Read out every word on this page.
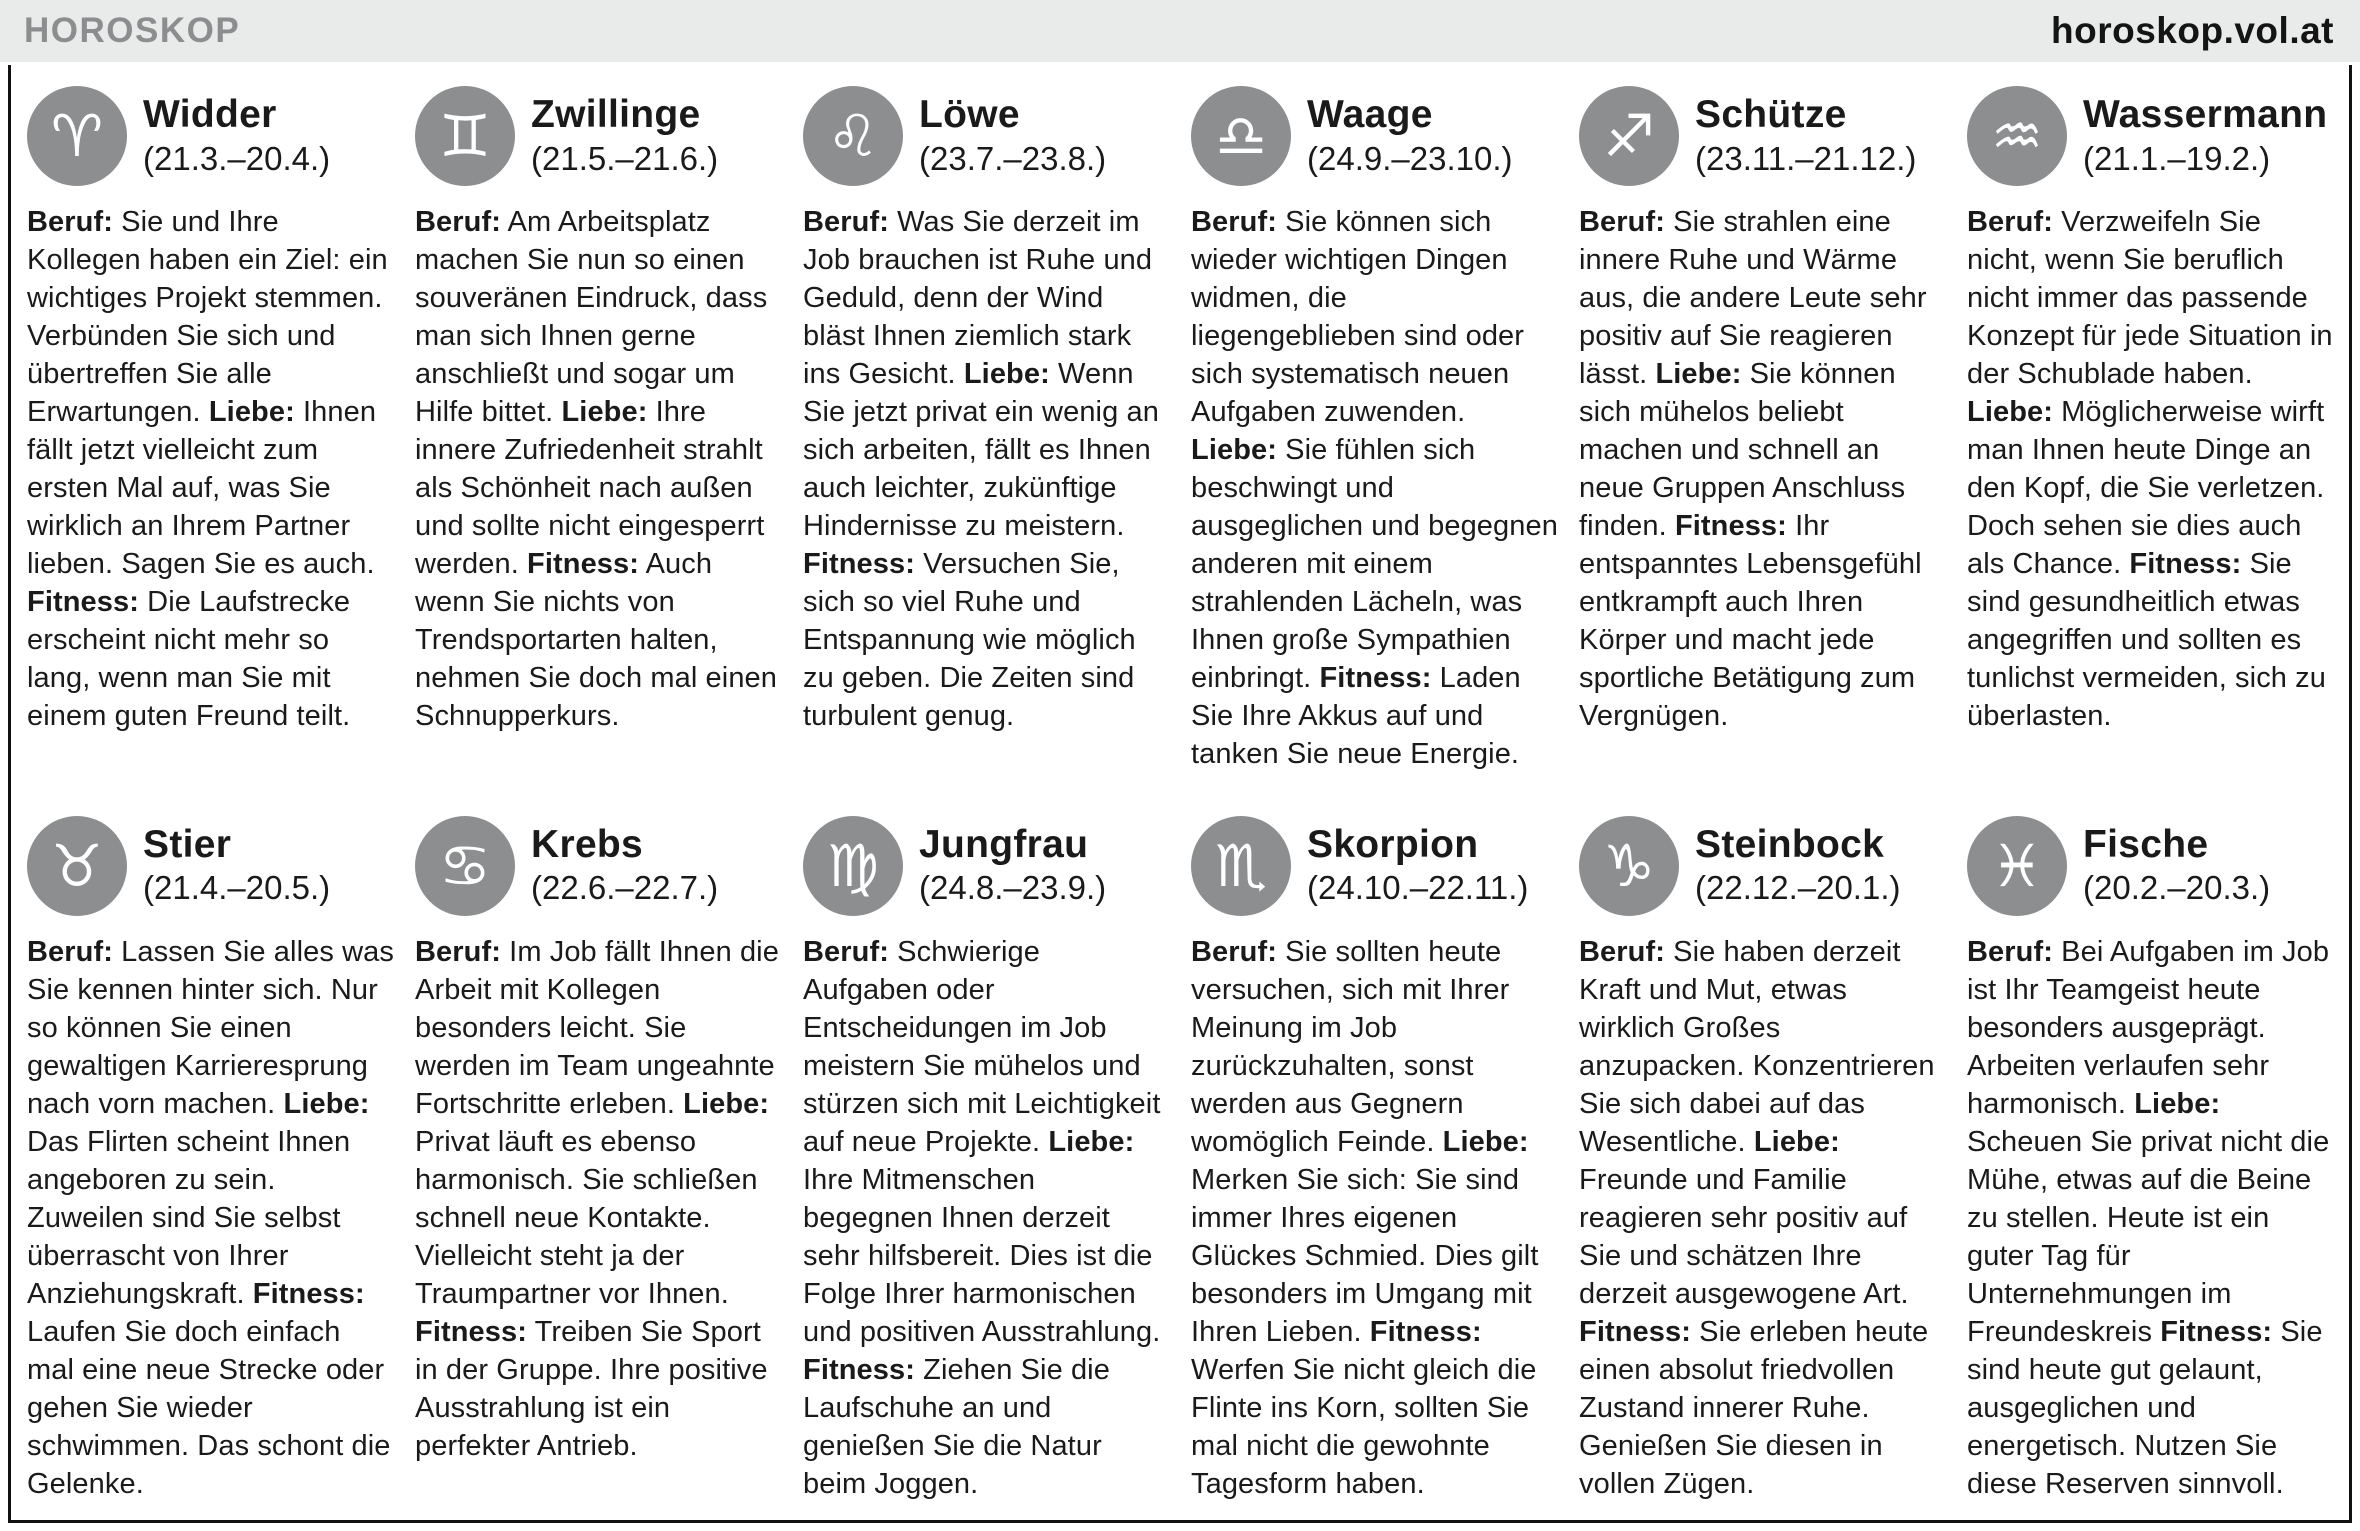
HOROSKOP	horoskop.vol.at
♈	Widder
(21.3.–20.4.)

Beruf: Sie und Ihre Kollegen haben ein Ziel: ein wichtiges Projekt stemmen. Verbünden Sie sich und übertreffen Sie alle Erwartungen. Liebe: Ihnen fällt jetzt vielleicht zum ersten Mal auf, was Sie wirklich an Ihrem Partner lieben. Sagen Sie es auch. Fitness: Die Laufstrecke erscheint nicht mehr so lang, wenn man Sie mit einem guten Freund teilt.

♊	Zwillinge
(21.5.–21.6.)

Beruf: Am Arbeitsplatz machen Sie nun so einen souveränen Eindruck, dass man sich Ihnen gerne anschließt und sogar um Hilfe bittet. Liebe: Ihre innere Zufriedenheit strahlt als Schönheit nach außen und sollte nicht eingesperrt werden. Fitness: Auch wenn Sie nichts von Trendsportarten halten, nehmen Sie doch mal einen Schnupperkurs.

♌	Löwe
(23.7.–23.8.)

Beruf: Was Sie derzeit im Job brauchen ist Ruhe und Geduld, denn der Wind bläst Ihnen ziemlich stark ins Gesicht. Liebe: Wenn Sie jetzt privat ein wenig an sich arbeiten, fällt es Ihnen auch leichter, zukünftige Hindernisse zu meistern. Fitness: Versuchen Sie, sich so viel Ruhe und Entspannung wie möglich zu geben. Die Zeiten sind turbulent genug.

♎	Waage
(24.9.–23.10.)

Beruf: Sie können sich wieder wichtigen Dingen widmen, die liegengeblieben sind oder sich systematisch neuen Aufgaben zuwenden. Liebe: Sie fühlen sich beschwingt und ausgeglichen und begegnen anderen mit einem strahlenden Lächeln, was Ihnen große Sympathien einbringt. Fitness: Laden Sie Ihre Akkus auf und tanken Sie neue Energie.

♐	Schütze
(23.11.–21.12.)

Beruf: Sie strahlen eine innere Ruhe und Wärme aus, die andere Leute sehr positiv auf Sie reagieren lässt. Liebe: Sie können sich mühelos beliebt machen und schnell an neue Gruppen Anschluss finden. Fitness: Ihr entspanntes Lebensgefühl entkrampft auch Ihren Körper und macht jede sportliche Betätigung zum Vergnügen.

♒	Wassermann
(21.1.–19.2.)

Beruf: Verzweifeln Sie nicht, wenn Sie beruflich nicht immer das passende Konzept für jede Situation in der Schublade haben. Liebe: Möglicherweise wirft man Ihnen heute Dinge an den Kopf, die Sie verletzen. Doch sehen sie dies auch als Chance. Fitness: Sie sind gesundheitlich etwas angegriffen und sollten es tunlichst vermeiden, sich zu überlasten.

♉	Stier
(21.4.–20.5.)

Beruf: Lassen Sie alles was Sie kennen hinter sich. Nur so können Sie einen gewaltigen Karrieresprung nach vorn machen. Liebe: Das Flirten scheint Ihnen angeboren zu sein. Zuweilen sind Sie selbst überrascht von Ihrer Anziehungskraft. Fitness: Laufen Sie doch einfach mal eine neue Strecke oder gehen Sie wieder schwimmen. Das schont die Gelenke.

♋	Krebs
(22.6.–22.7.)

Beruf: Im Job fällt Ihnen die Arbeit mit Kollegen besonders leicht. Sie werden im Team ungeahnte Fortschritte erleben. Liebe: Privat läuft es ebenso harmonisch. Sie schließen schnell neue Kontakte. Vielleicht steht ja der Traumpartner vor Ihnen. Fitness: Treiben Sie Sport in der Gruppe. Ihre positive Ausstrahlung ist ein perfekter Antrieb.

♍	Jungfrau
(24.8.–23.9.)

Beruf: Schwierige Aufgaben oder Entscheidungen im Job meistern Sie mühelos und stürzen sich mit Leichtigkeit auf neue Projekte. Liebe: Ihre Mitmenschen begegnen Ihnen derzeit sehr hilfsbereit. Dies ist die Folge Ihrer harmonischen und positiven Ausstrahlung. Fitness: Ziehen Sie die Laufschuhe an und genießen Sie die Natur beim Joggen.

♏	Skorpion
(24.10.–22.11.)

Beruf: Sie sollten heute versuchen, sich mit Ihrer Meinung im Job zurückzuhalten, sonst werden aus Gegnern womöglich Feinde. Liebe: Merken Sie sich: Sie sind immer Ihres eigenen Glückes Schmied. Dies gilt besonders im Umgang mit Ihren Lieben. Fitness: Werfen Sie nicht gleich die Flinte ins Korn, sollten Sie mal nicht die gewohnte Tagesform haben.

♑	Steinbock
(22.12.–20.1.)

Beruf: Sie haben derzeit Kraft und Mut, etwas wirklich Großes anzupacken. Konzentrieren Sie sich dabei auf das Wesentliche. Liebe: Freunde und Familie reagieren sehr positiv auf Sie und schätzen Ihre derzeit ausgewogene Art. Fitness: Sie erleben heute einen absolut friedvollen Zustand innerer Ruhe. Genießen Sie diesen in vollen Zügen.

♓	Fische
(20.2.–20.3.)

Beruf: Bei Aufgaben im Job ist Ihr Teamgeist heute besonders ausgeprägt. Arbeiten verlaufen sehr harmonisch. Liebe: Scheuen Sie privat nicht die Mühe, etwas auf die Beine zu stellen. Heute ist ein guter Tag für Unternehmungen im Freundeskreis Fitness: Sie sind heute gut gelaunt, ausgeglichen und energetisch. Nutzen Sie diese Reserven sinnvoll.
